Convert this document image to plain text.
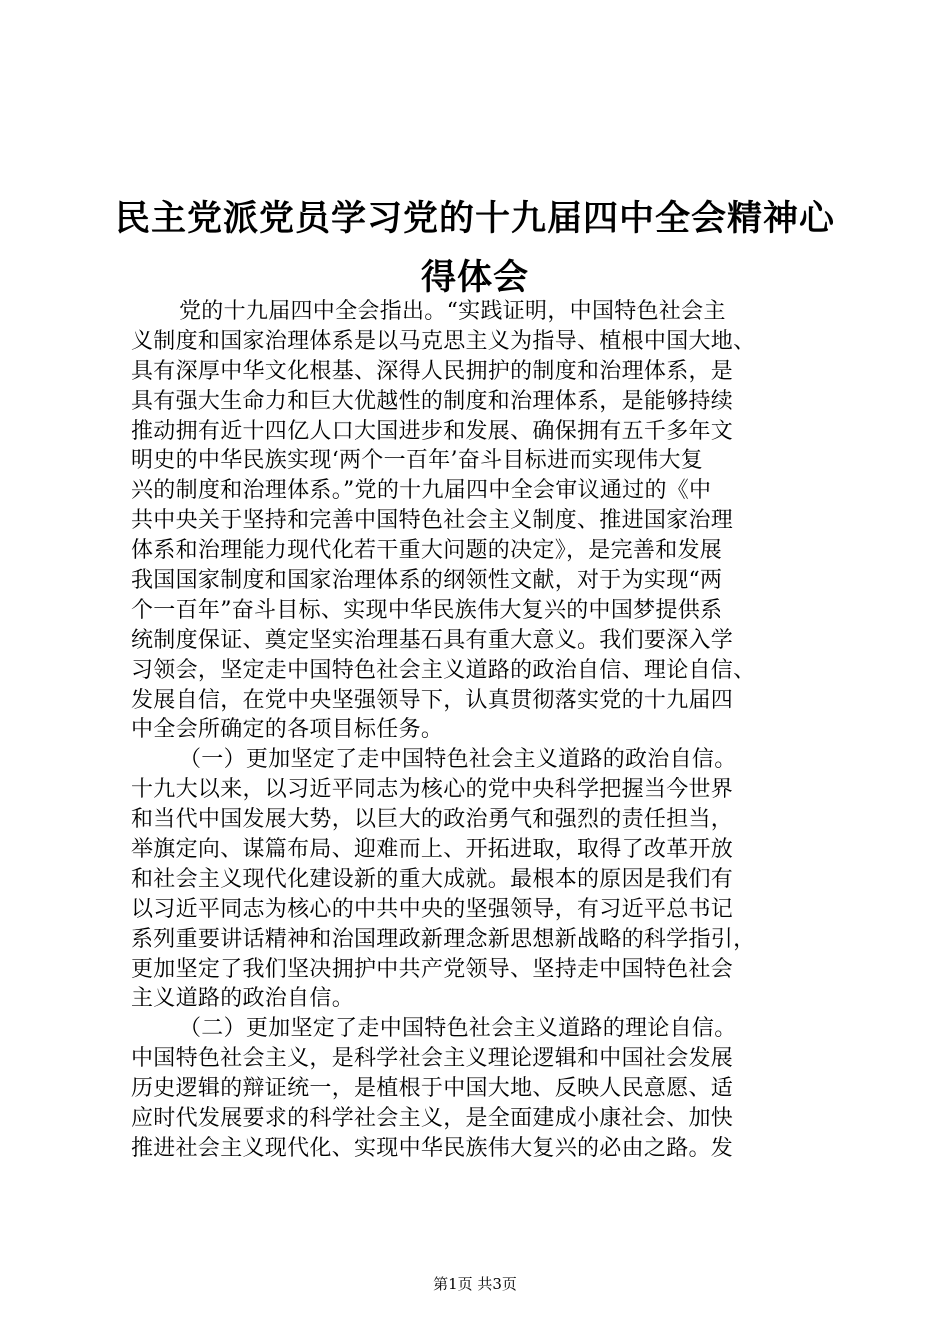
民主党派党员学习党的十九届四中全会精神心
得体会
党的十九届四中全会指出。“实践证明，中国特色社会主
义制度和国家治理体系是以马克思主义为指导、植根中国大地、
具有深厚中华文化根基、深得人民拥护的制度和治理体系，是
具有强大生命力和巨大优越性的制度和治理体系，是能够持续
推动拥有近十四亿人口大国进步和发展、确保拥有五千多年文
明史的中华民族实现‘两个一百年’奋斗目标进而实现伟大复
兴的制度和治理体系。”党的十九届四中全会审议通过的《中
共中央关于坚持和完善中国特色社会主义制度、推进国家治理
体系和治理能力现代化若干重大问题的决定》，是完善和发展
我国国家制度和国家治理体系的纲领性文献，对于为实现“两
个一百年”奋斗目标、实现中华民族伟大复兴的中国梦提供系
统制度保证、奠定坚实治理基石具有重大意义。我们要深入学
习领会，坚定走中国特色社会主义道路的政治自信、理论自信、
发展自信，在党中央坚强领导下，认真贯彻落实党的十九届四
中全会所确定的各项目标任务。
（一）更加坚定了走中国特色社会主义道路的政治自信。
十九大以来，以习近平同志为核心的党中央科学把握当今世界
和当代中国发展大势，以巨大的政治勇气和强烈的责任担当，
举旗定向、谋篇布局、迎难而上、开拓进取，取得了改革开放
和社会主义现代化建设新的重大成就。最根本的原因是我们有
以习近平同志为核心的中共中央的坚强领导，有习近平总书记
系列重要讲话精神和治国理政新理念新思想新战略的科学指引，
更加坚定了我们坚决拥护中共产党领导、坚持走中国特色社会
主义道路的政治自信。
（二）更加坚定了走中国特色社会主义道路的理论自信。
中国特色社会主义，是科学社会主义理论逻辑和中国社会发展
历史逻辑的辩证统一，是植根于中国大地、反映人民意愿、适
应时代发展要求的科学社会主义，是全面建成小康社会、加快
推进社会主义现代化、实现中华民族伟大复兴的必由之路。发
第1页 共3页
